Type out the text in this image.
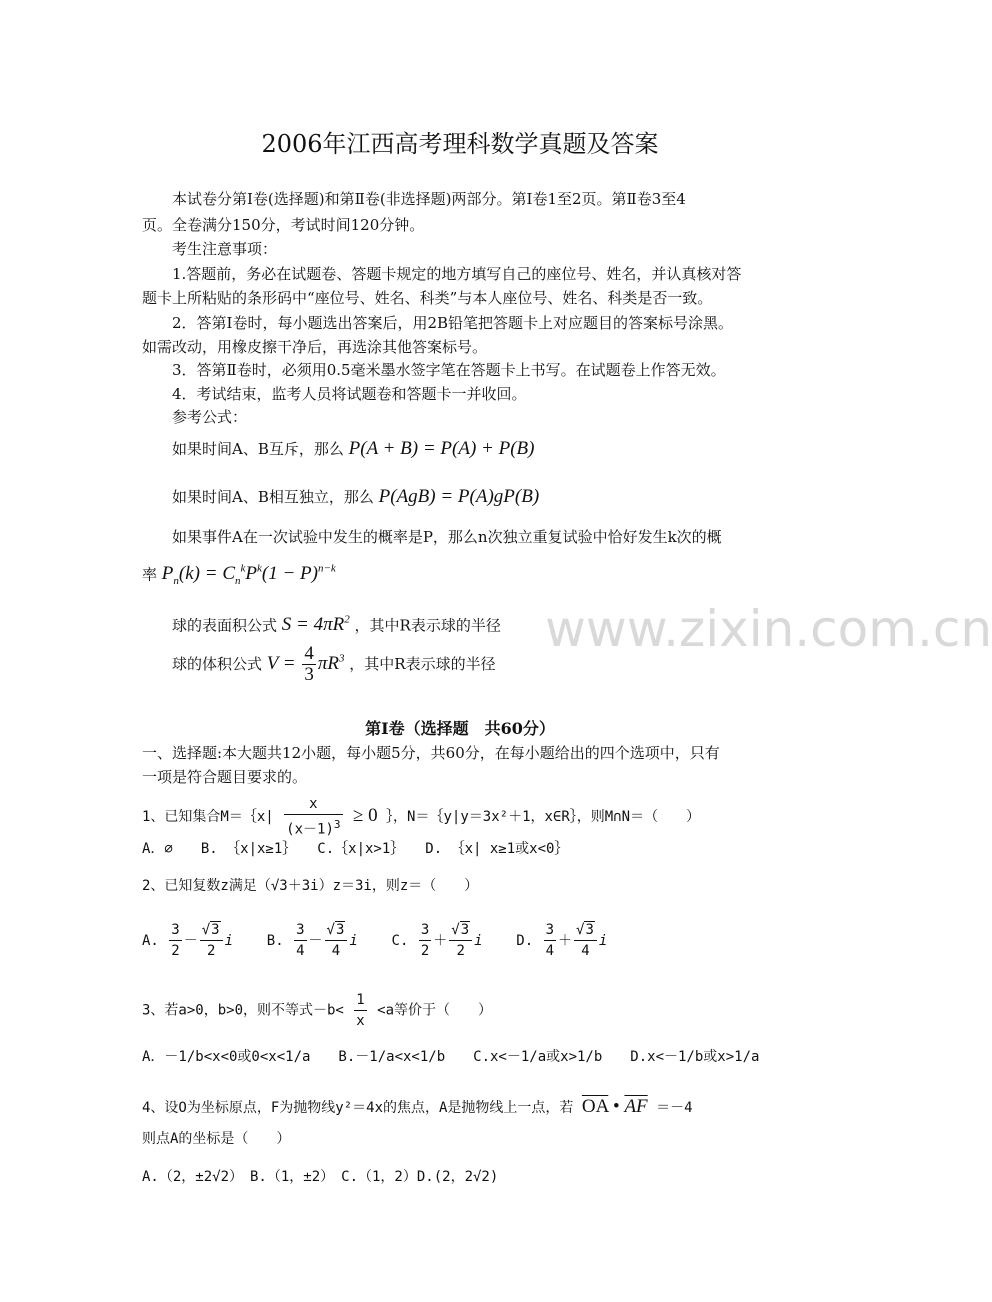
2006年江西高考理科数学真题及答案
本试卷分第Ⅰ卷(选择题)和第Ⅱ卷(非选择题)两部分。第Ⅰ卷1至2页。第Ⅱ卷3至4
页。全卷满分150分，考试时间120分钟。
考生注意事项：
1.答题前，务必在试题卷、答题卡规定的地方填写自己的座位号、姓名，并认真核对答
题卡上所粘贴的条形码中“座位号、姓名、科类”与本人座位号、姓名、科类是否一致。
2．答第Ⅰ卷时，每小题选出答案后，用2B铅笔把答题卡上对应题目的答案标号涂黑。
如需改动，用橡皮擦干净后，再选涂其他答案标号。
3．答第Ⅱ卷时，必须用0.5毫米墨水签字笔在答题卡上书写。在试题卷上作答无效。
4．考试结束，监考人员将试题卷和答题卡一并收回。
参考公式：
如果时间A、B互斥，那么 P(A + B) = P(A) + P(B)
如果时间A、B相互独立，那么 P(AgB) = P(A)gP(B)
如果事件A在一次试验中发生的概率是P，那么n次独立重复试验中恰好发生k次的概
率 $P_n(k) = C_n^kP^k(1 - P)^{n-k}$
球的表面积公式 $S = 4\pi R^2$ ，其中R表示球的半径
球的体积公式 $V = \frac{4}{3} \pi R^3$ ，其中R表示球的半径
www.zixin.com.cn
第Ⅰ卷（选择题　共60分）
一、选择题:本大题共12小题，每小题5分，共60分，在每小题给出的四个选项中，只有
一项是符合题目要求的。
1、已知集合M＝｛x| $\frac{x}{(x-1)^3} \ge 0$ ｝，N＝｛y|y＝3x²＋1，x∈R｝，则M∩N＝（　　）
A．∅　　B. ｛x|x≥1｝　　C.｛x|x>1｝　　D. ｛x| x≥1或x<0｝
2、已知复数z满足（√3＋3i）z＝3i，则z＝（　　）
A. $\frac{3}{2} - \frac{√3}{2}$ i B. $\frac{3}{4} - \frac{√3}{4}$ i C. $\frac{3}{2} + \frac{√3}{2}$ i D. $\frac{3}{4} + \frac{√3}{4}$ i
3、若a>0，b>0，则不等式$-b< \frac{1}{x} <a$等价于（　　）
A．－1/b<x<0或0<x<1/a　　B.－1/a<x<1/b　　C.x<－1/a或x>1/b　　D.x<－1/b或x>1/a
4、设O为坐标原点，F为抛物线y²＝4x的焦点，A是抛物线上一点，若 $\overline{OA}$ • $\overline{AF} =-4$
则点A的坐标是（　　）
A.（2，±2√2）　B.（1，±2）　C.（1，2）D.(2，2√2)
